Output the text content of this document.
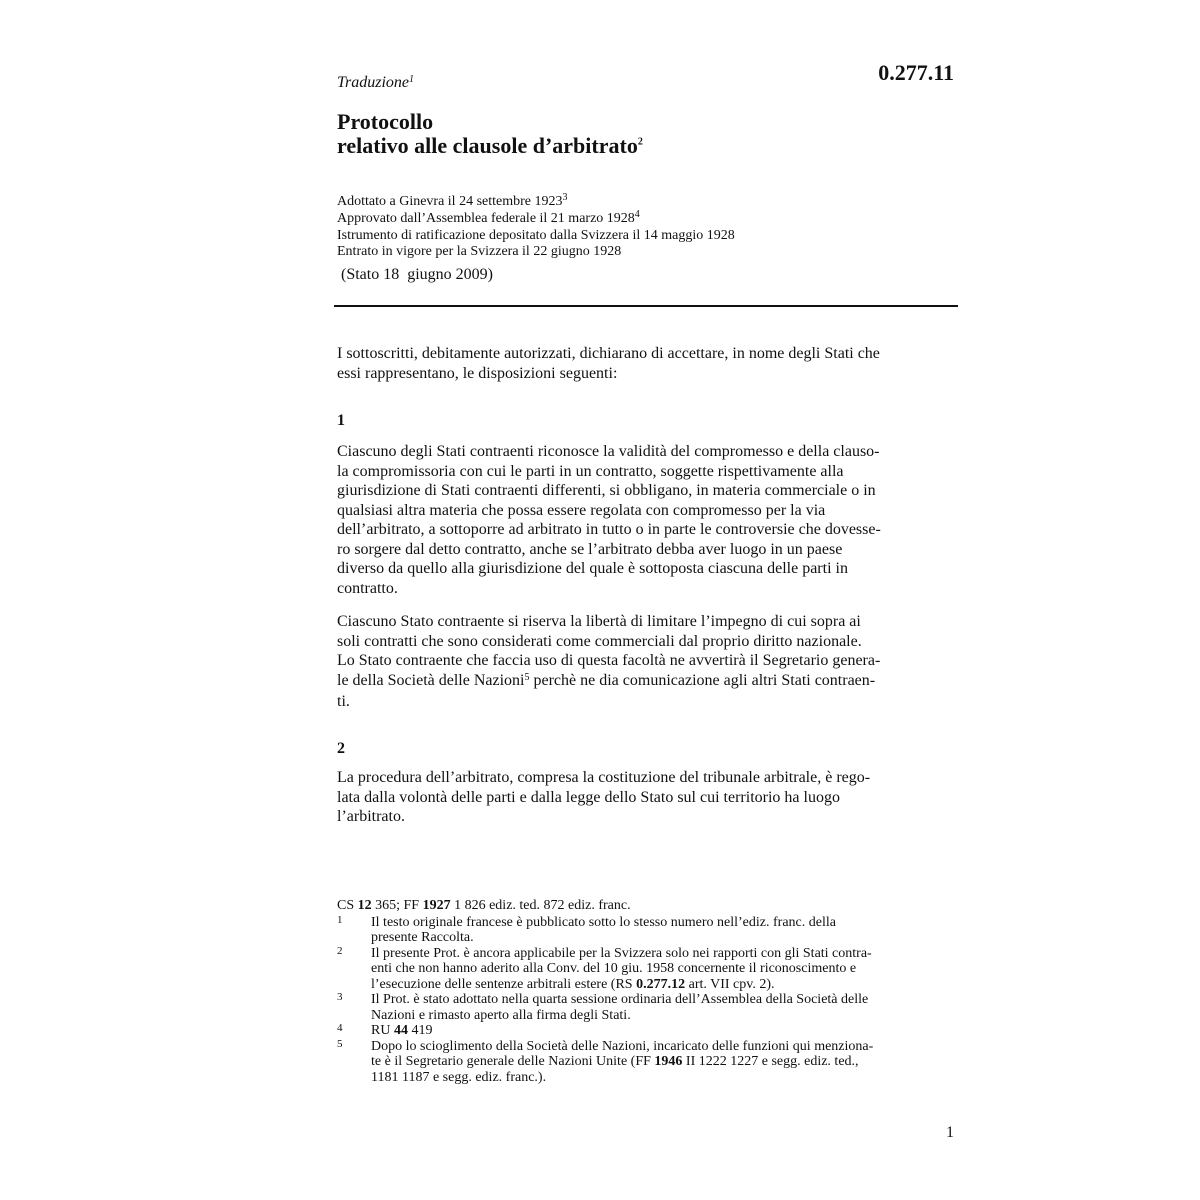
Traduzione$^1$	0.277.11
Protocollo
relativo alle clausole d’arbitrato$^2$
Adottato a Ginevra il 24 settembre 1923$^3$
Approvato dall’Assemblea federale il 21 marzo 1928$^4$
Istrumento di ratificazione depositato dalla Svizzera il 14 maggio 1928
Entrato in vigore per la Svizzera il 22 giugno 1928
(Stato 18  giugno 2009)
I sottoscritti, debitamente autorizzati, dichiarano di accettare, in nome degli Stati che
essi rappresentano, le disposizioni seguenti:
1
Ciascuno degli Stati contraenti riconosce la validità del compromesso e della clauso-
la compromissoria con cui le parti in un contratto, soggette rispettivamente alla
giurisdizione di Stati contraenti differenti, si obbligano, in materia commerciale o in
qualsiasi altra materia che possa essere regolata con compromesso per la via
dell’arbitrato, a sottoporre ad arbitrato in tutto o in parte le controversie che dovesse-
ro sorgere dal detto contratto, anche se l’arbitrato debba aver luogo in un paese
diverso da quello alla giurisdizione del quale è sottoposta ciascuna delle parti in
contratto.
Ciascuno Stato contraente si riserva la libertà di limitare l’impegno di cui sopra ai
soli contratti che sono considerati come commerciali dal proprio diritto nazionale.
Lo Stato contraente che faccia uso di questa facoltà ne avvertirà il Segretario genera-
le della Società delle Nazioni$^5$ perchè ne dia comunicazione agli altri Stati contraen-
ti.
2
La procedura dell’arbitrato, compresa la costituzione del tribunale arbitrale, è rego-
lata dalla volontà delle parti e dalla legge dello Stato sul cui territorio ha luogo
l’arbitrato.
CS 12 365; FF 1927 1 826 ediz. ted. 872 ediz. franc.
1	Il testo originale francese è pubblicato sotto lo stesso numero nell’ediz. franc. della
presente Raccolta.
2	Il presente Prot. è ancora applicabile per la Svizzera solo nei rapporti con gli Stati contra-
enti che non hanno aderito alla Conv. del 10 giu. 1958 concernente il riconoscimento e
l’esecuzione delle sentenze arbitrali estere (RS 0.277.12 art. VII cpv. 2).
3	Il Prot. è stato adottato nella quarta sessione ordinaria dell’Assemblea della Società delle
Nazioni e rimasto aperto alla firma degli Stati.
4	RU 44 419
5	Dopo lo scioglimento della Società delle Nazioni, incaricato delle funzioni qui menziona-
te è il Segretario generale delle Nazioni Unite (FF 1946 II 1222 1227 e segg. ediz. ted.,
1181 1187 e segg. ediz. franc.).
1
